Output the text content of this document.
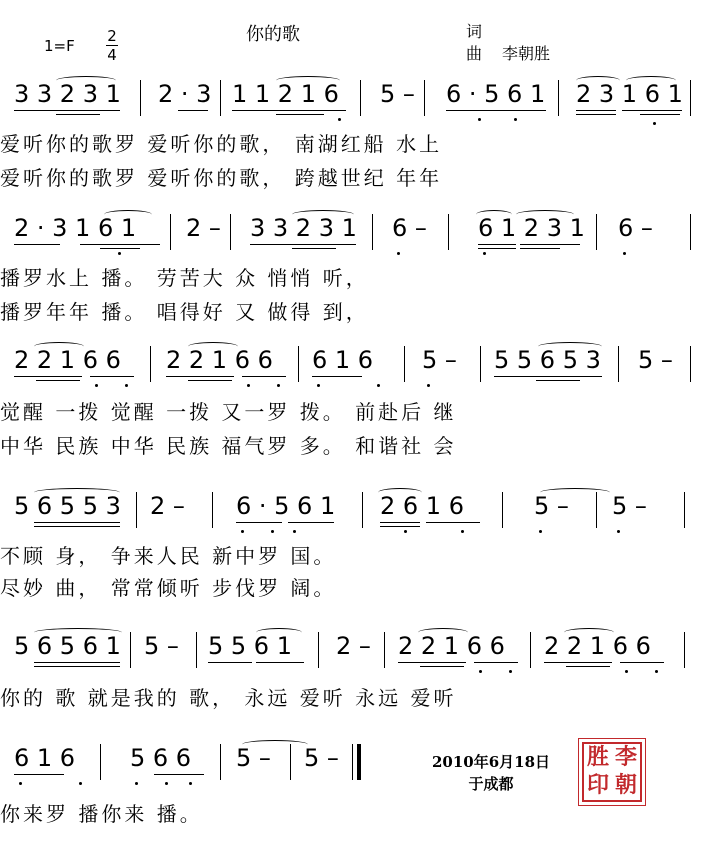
你的歌
1=F
2
4
词
曲 李朝胜
3 3 2 3 1 2 · 3 1 1 2 1 6 5 – 6 · 5 6 1 2 3 1 6 1
爱听你的歌罗 爱听你的歌， 南湖红船 水上
爱听你的歌罗 爱听你的歌， 跨越世纪 年年
2 · 3 1 6 1 2 – 3 3 2 3 1 6 – 6 1 2 3 1 6 –
播罗水上 播。 劳苦大 众 悄悄 听，
播罗年年 播。 唱得好 又 做得 到，
2 2 1 6 6 2 2 1 6 6 6 1 6 5 – 5 5 6 5 3 5 –
觉醒 一拨 觉醒 一拨 又一罗 拨。 前赴后 继
中华 民族 中华 民族 福气罗 多。 和谐社 会
5 6 5 5 3 2 – 6 · 5 6 1 2 6 1 6	5 – 5 –
不顾 身， 争来人民 新中罗 国。
尽妙 曲， 常常倾听 步伐罗 阔。
5 6 5 6 1 5 – 5 5 6 1 2 – 2 2 1 6 6 2 2 1 6 6
你的 歌 就是我的 歌， 永远 爱听 永远 爱听
6 1 6 5 6 6 5 – 5 –
你来罗 播你来 播。
2010年6月18日
于成都
胜 李
印 朝
